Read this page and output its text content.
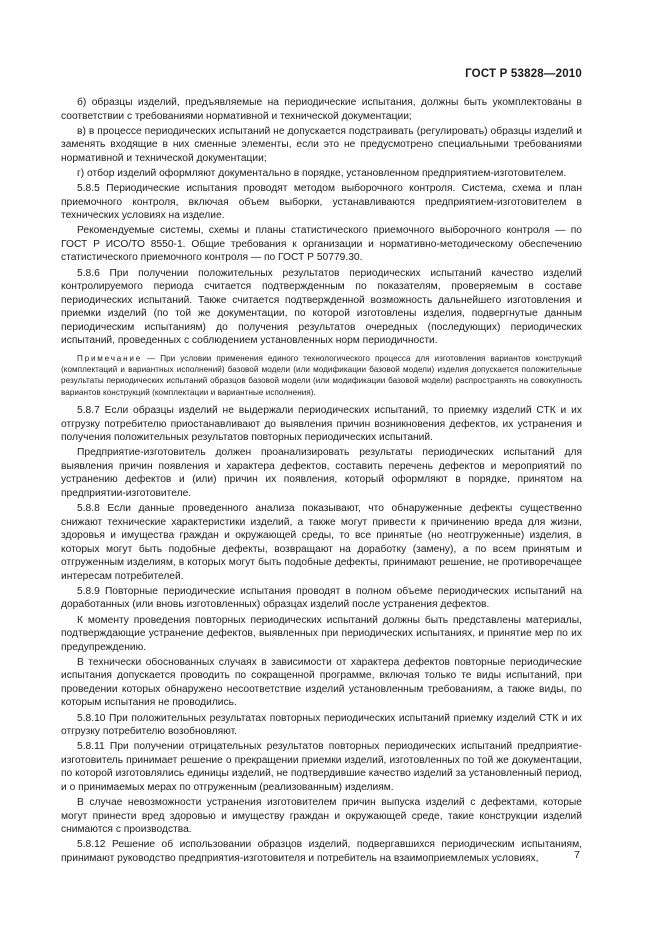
ГОСТ Р 53828—2010

б) образцы изделий, предъявляемые на периодические испытания, должны быть укомплектованы в соответствии с требованиями нормативной и технической документации;

в) в процессе периодических испытаний не допускается подстраивать (регулировать) образцы изделий и заменять входящие в них сменные элементы, если это не предусмотрено специальными требованиями нормативной и технической документации;

г) отбор изделий оформляют документально в порядке, установленном предприятием-изготовителем.

5.8.5 Периодические испытания проводят методом выборочного контроля. Система, схема и план приемочного контроля, включая объем выборки, устанавливаются предприятием-изготовителем в технических условиях на изделие.

Рекомендуемые системы, схемы и планы статистического приемочного выборочного контроля — по ГОСТ Р ИСО/ТО 8550-1. Общие требования к организации и нормативно-методическому обеспечению статистического приемочного контроля — по ГОСТ Р 50779.30.

5.8.6 При получении положительных результатов периодических испытаний качество изделий контролируемого периода считается подтвержденным по показателям, проверяемым в составе периодических испытаний. Также считается подтвержденной возможность дальнейшего изготовления и приемки изделий (по той же документации, по которой изготовлены изделия, подвергнутые данным периодическим испытаниям) до получения результатов очередных (последующих) периодических испытаний, проведенных с соблюдением установленных норм периодичности.

Примечание — При условии применения единого технологического процесса для изготовления вариантов конструкций (комплектаций и вариантных исполнений) базовой модели (или модификации базовой модели) изделия допускается положительные результаты периодических испытаний образцов базовой модели (или модификации базовой модели) распространять на совокупность вариантов конструкций (комплектации и вариантные исполнения).

5.8.7 Если образцы изделий не выдержали периодических испытаний, то приемку изделий СТК и их отгрузку потребителю приостанавливают до выявления причин возникновения дефектов, их устранения и получения положительных результатов повторных периодических испытаний.

Предприятие-изготовитель должен проанализировать результаты периодических испытаний для выявления причин появления и характера дефектов, составить перечень дефектов и мероприятий по устранению дефектов и (или) причин их появления, который оформляют в порядке, принятом на предприятии-изготовителе.

5.8.8 Если данные проведенного анализа показывают, что обнаруженные дефекты существенно снижают технические характеристики изделий, а также могут привести к причинению вреда для жизни, здоровья и имущества граждан и окружающей среды, то все принятые (но неотгруженные) изделия, в которых могут быть подобные дефекты, возвращают на доработку (замену), а по всем принятым и отгруженным изделиям, в которых могут быть подобные дефекты, принимают решение, не противоречащее интересам потребителей.

5.8.9 Повторные периодические испытания проводят в полном объеме периодических испытаний на доработанных (или вновь изготовленных) образцах изделий после устранения дефектов.

К моменту проведения повторных периодических испытаний должны быть представлены материалы, подтверждающие устранение дефектов, выявленных при периодических испытаниях, и принятие мер по их предупреждению.

В технически обоснованных случаях в зависимости от характера дефектов повторные периодические испытания допускается проводить по сокращенной программе, включая только те виды испытаний, при проведении которых обнаружено несоответствие изделий установленным требованиям, а также виды, по которым испытания не проводились.

5.8.10 При положительных результатах повторных периодических испытаний приемку изделий СТК и их отгрузку потребителю возобновляют.

5.8.11 При получении отрицательных результатов повторных периодических испытаний предприятие-изготовитель принимает решение о прекращении приемки изделий, изготовленных по той же документации, по которой изготовлялись единицы изделий, не подтвердившие качество изделий за установленный период, и о принимаемых мерах по отгруженным (реализованным) изделиям.

В случае невозможности устранения изготовителем причин выпуска изделий с дефектами, которые могут принести вред здоровью и имуществу граждан и окружающей среде, такие конструкции изделий снимаются с производства.

5.8.12 Решение об использовании образцов изделий, подвергавшихся периодическим испытаниям, принимают руководство предприятия-изготовителя и потребитель на взаимоприемлемых условиях,	7
